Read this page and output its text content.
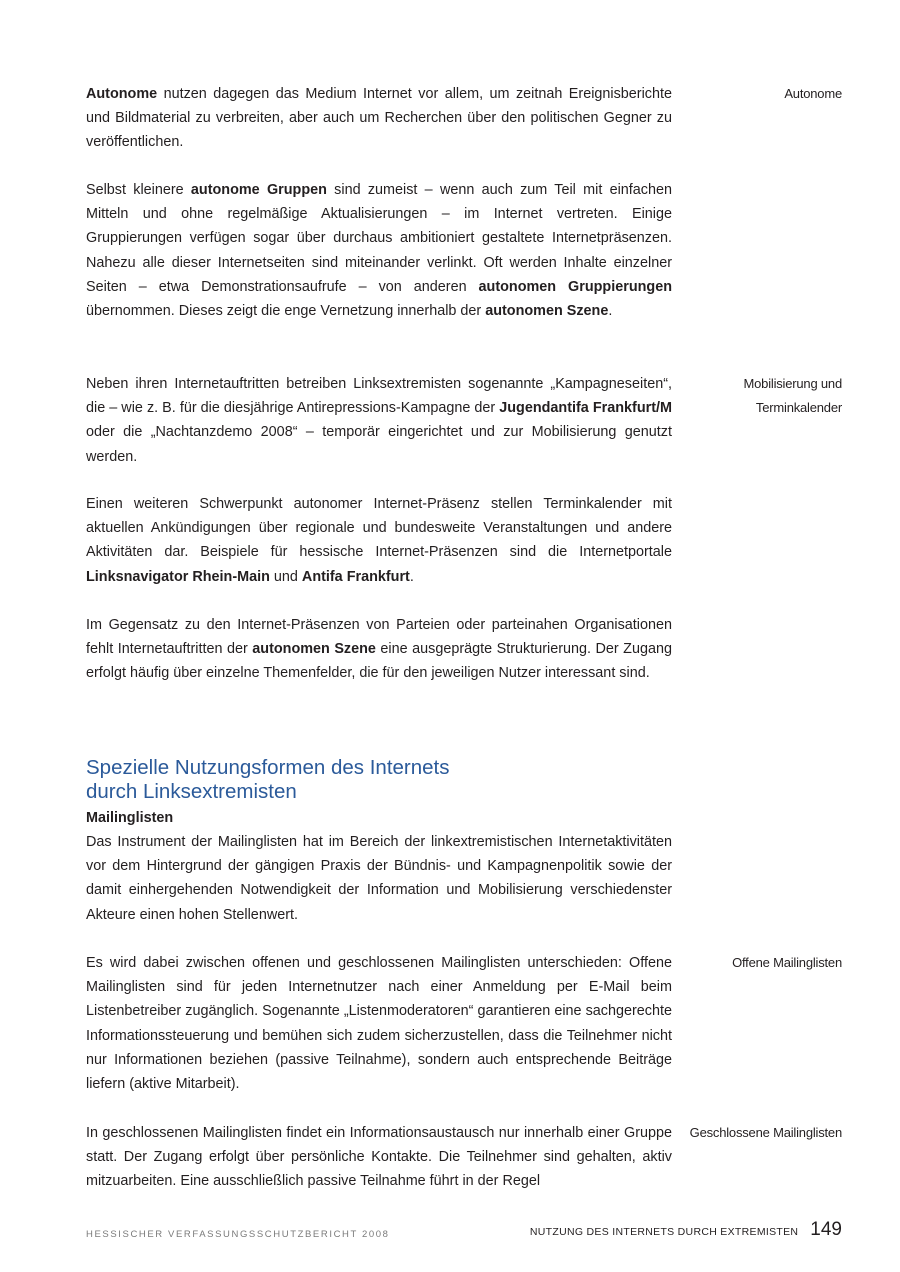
Autonome nutzen dagegen das Medium Internet vor allem, um zeitnah Ereignisberichte und Bildmaterial zu verbreiten, aber auch um Recherchen über den politischen Gegner zu veröffentlichen.

Selbst kleinere autonome Gruppen sind zumeist – wenn auch zum Teil mit einfachen Mitteln und ohne regelmäßige Aktualisierungen – im Internet vertreten. Einige Gruppierungen verfügen sogar über durchaus ambitioniert gestaltete Internetpräsenzen. Nahezu alle dieser Internetseiten sind miteinander verlinkt. Oft werden Inhalte einzelner Seiten – etwa Demonstrationsaufrufe – von anderen autonomen Gruppierungen übernommen. Dieses zeigt die enge Vernetzung innerhalb der autonomen Szene.

Neben ihren Internetauftritten betreiben Linksextremisten sogenannte „Kampagneseiten“, die – wie z. B. für die diesjährige Antirepressions-Kampagne der Jugendantifa Frankfurt/M oder die „Nachtanzdemo 2008“ – temporär eingerichtet und zur Mobilisierung genutzt werden.

Einen weiteren Schwerpunkt autonomer Internet-Präsenz stellen Terminkalender mit aktuellen Ankündigungen über regionale und bundesweite Veranstaltungen und andere Aktivitäten dar. Beispiele für hessische Internet-Präsenzen sind die Internetportale Linksnavigator Rhein-Main und Antifa Frankfurt.

Im Gegensatz zu den Internet-Präsenzen von Parteien oder parteinahen Organisationen fehlt Internetauftritten der autonomen Szene eine ausgeprägte Strukturierung. Der Zugang erfolgt häufig über einzelne Themenfelder, die für den jeweiligen Nutzer interessant sind.

Spezielle Nutzungsformen des Internets
durch Linksextremisten
Mailinglisten

Das Instrument der Mailinglisten hat im Bereich der linkextremistischen Internetaktivitäten vor dem Hintergrund der gängigen Praxis der Bündnis- und Kampagnenpolitik sowie der damit einhergehenden Notwendigkeit der Information und Mobilisierung verschiedenster Akteure einen hohen Stellenwert.

Es wird dabei zwischen offenen und geschlossenen Mailinglisten unterschieden: Offene Mailinglisten sind für jeden Internetnutzer nach einer Anmeldung per E-Mail beim Listenbetreiber zugänglich. Sogenannte „Listenmoderatoren“ garantieren eine sachgerechte Informationssteuerung und bemühen sich zudem sicherzustellen, dass die Teilnehmer nicht nur Informationen beziehen (passive Teilnahme), sondern auch entsprechende Beiträge liefern (aktive Mitarbeit).

In geschlossenen Mailinglisten findet ein Informationsaustausch nur innerhalb einer Gruppe statt. Der Zugang erfolgt über persönliche Kontakte. Die Teilnehmer sind gehalten, aktiv mitzuarbeiten. Eine ausschließlich passive Teilnahme führt in der Regel

Autonome
Mobilisierung und
Terminkalender
Offene Mailinglisten
Geschlossene Mailinglisten
HESSISCHER VERFASSUNGSSCHUTZBERICHT 2008	NUTZUNG DES INTERNETS DURCH EXTREMISTEN 149
